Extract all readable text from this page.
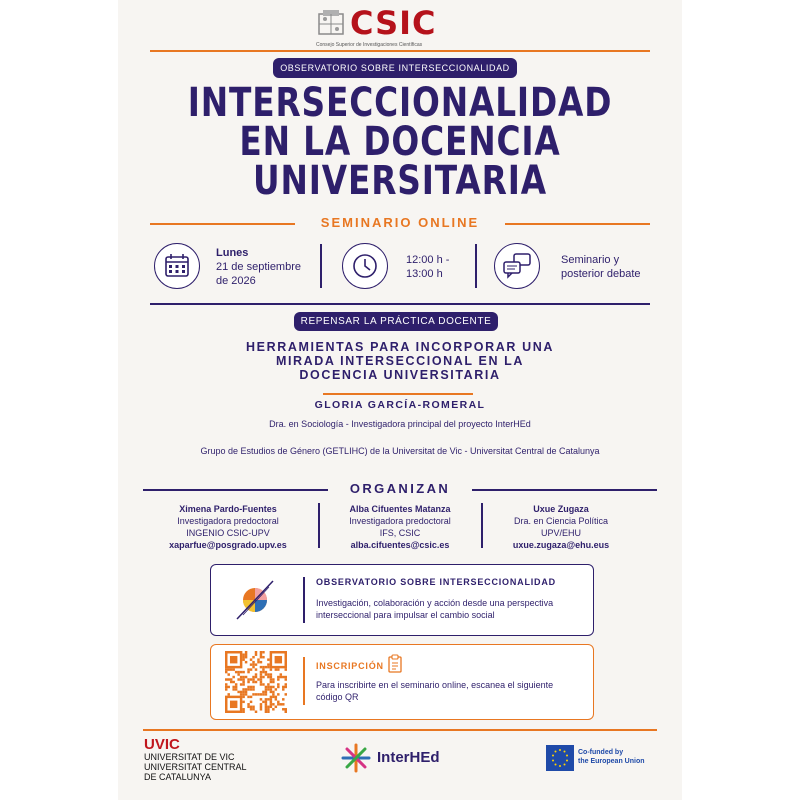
CSIC
Consejo Superior de Investigaciones Científicas
OBSERVATORIO SOBRE INTERSECCIONALIDAD
INTERSECCIONALIDAD
EN LA DOCENCIA
UNIVERSITARIA
SEMINARIO ONLINE
Lunes
21 de septiembre
de 2026
12:00 h -
13:00 h
Seminario y
posterior debate
REPENSAR LA PRÁCTICA DOCENTE
HERRAMIENTAS PARA INCORPORAR UNA
MIRADA INTERSECCIONAL EN LA
DOCENCIA UNIVERSITARIA
GLORIA GARCÍA-ROMERAL
Dra. en Sociología - Investigadora principal del proyecto InterHEd
Grupo de Estudios de Género (GETLIHC) de la Universitat de Vic - Universitat Central de Catalunya
ORGANIZAN
Ximena Pardo-Fuentes
Investigadora predoctoral
INGENIO CSIC-UPV
xaparfue@posgrado.upv.es
Alba Cifuentes Matanza
Investigadora predoctoral
IFS, CSIC
alba.cifuentes@csic.es
Uxue Zugaza
Dra. en Ciencia Política
UPV/EHU
uxue.zugaza@ehu.eus
OBSERVATORIO SOBRE INTERSECCIONALIDAD
Investigación, colaboración y acción desde una perspectiva interseccional para impulsar el cambio social
INSCRIPCIÓN
Para inscribirte en el seminario online, escanea el siguiente código QR
UVIC
UNIVERSITAT DE VIC
UNIVERSITAT CENTRAL
DE CATALUNYA
InterHEd	Co-funded by
the European Union
